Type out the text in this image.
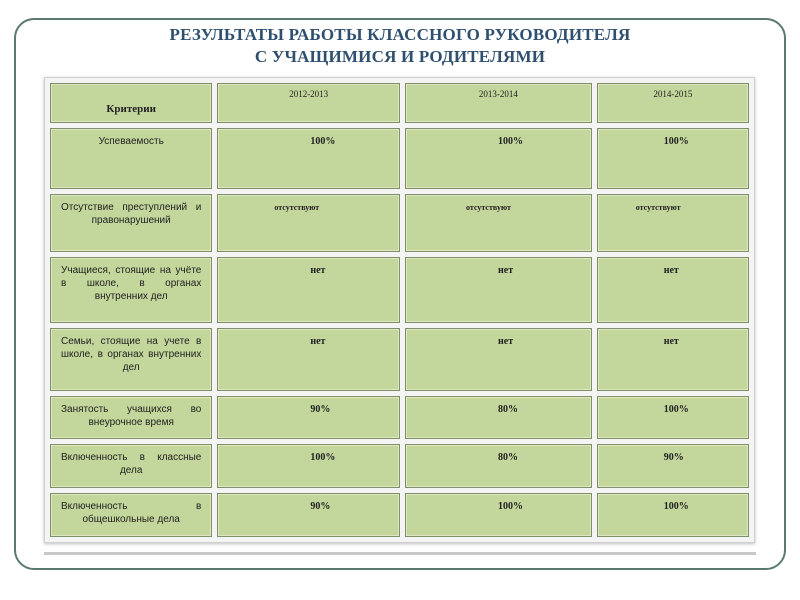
РЕЗУЛЬТАТЫ РАБОТЫ КЛАССНОГО РУКОВОДИТЕЛЯ
С УЧАЩИМИСЯ И РОДИТЕЛЯМИ
Критерии	2012-2013	2013-2014	2014-2015
Успеваемость	100%	100%	100%
Отсутствие преступлений и правонарушений	отсутствуют	отсутствуют	отсутствуют
Учащиеся, стоящие на учёте в школе, в органах внутренних дел	нет	нет	нет
Семьи, стоящие на учете в школе, в органах внутренних дел	нет	нет	нет
Занятость учащихся во внеурочное время	90%	80%	100%
Включенность в классные дела	100%	80%	90%
Включенность в общешкольные дела	90%	100%	100%
